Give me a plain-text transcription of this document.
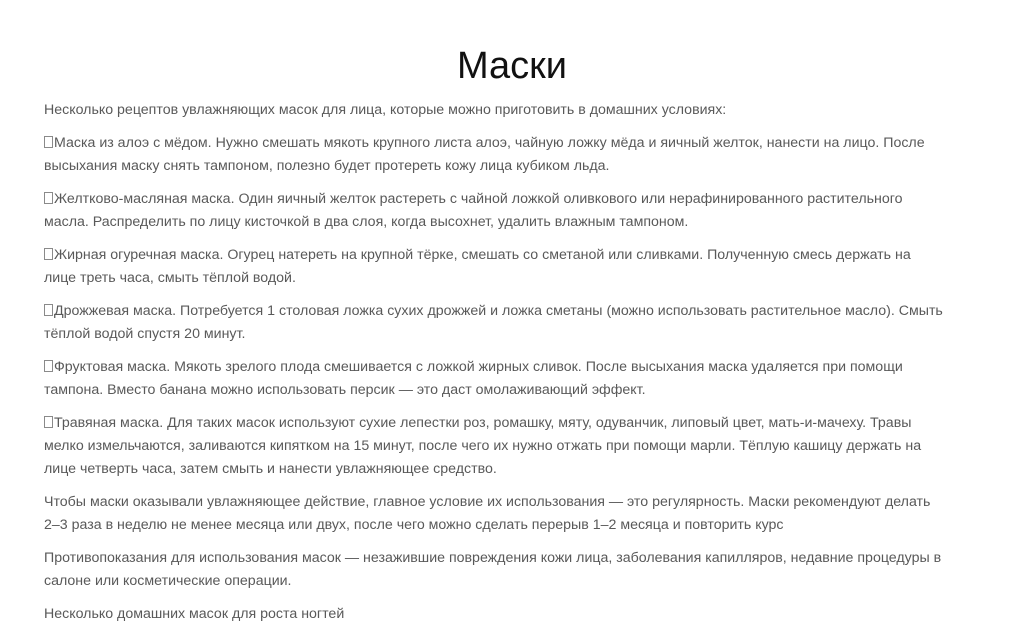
Маски

Несколько рецептов увлажняющих масок для лица, которые можно приготовить в домашних условиях:

Маска из алоэ с мёдом. Нужно смешать мякоть крупного листа алоэ, чайную ложку мёда и яичный желток, нанести на лицо. После высыхания маску снять тампоном, полезно будет протереть кожу лица кубиком льда.

Желтково-масляная маска. Один яичный желток растереть с чайной ложкой оливкового или нерафинированного растительного масла. Распределить по лицу кисточкой в два слоя, когда высохнет, удалить влажным тампоном.

Жирная огуречная маска. Огурец натереть на крупной тёрке, смешать со сметаной или сливками. Полученную смесь держать на лице треть часа, смыть тёплой водой.

Дрожжевая маска. Потребуется 1 столовая ложка сухих дрожжей и ложка сметаны (можно использовать растительное масло). Смыть тёплой водой спустя 20 минут.

Фруктовая маска. Мякоть зрелого плода смешивается с ложкой жирных сливок. После высыхания маска удаляется при помощи тампона. Вместо банана можно использовать персик — это даст омолаживающий эффект.

Травяная маска. Для таких масок используют сухие лепестки роз, ромашку, мяту, одуванчик, липовый цвет, мать-и-мачеху. Травы мелко измельчаются, заливаются кипятком на 15 минут, после чего их нужно отжать при помощи марли. Тёплую кашицу держать на лице четверть часа, затем смыть и нанести увлажняющее средство.

Чтобы маски оказывали увлажняющее действие, главное условие их использования — это регулярность. Маски рекомендуют делать 2–3 раза в неделю не менее месяца или двух, после чего можно сделать перерыв 1–2 месяца и повторить курс

Противопоказания для использования масок — незажившие повреждения кожи лица, заболевания капилляров, недавние процедуры в салоне или косметические операции.

Несколько домашних масок для роста ногтей
